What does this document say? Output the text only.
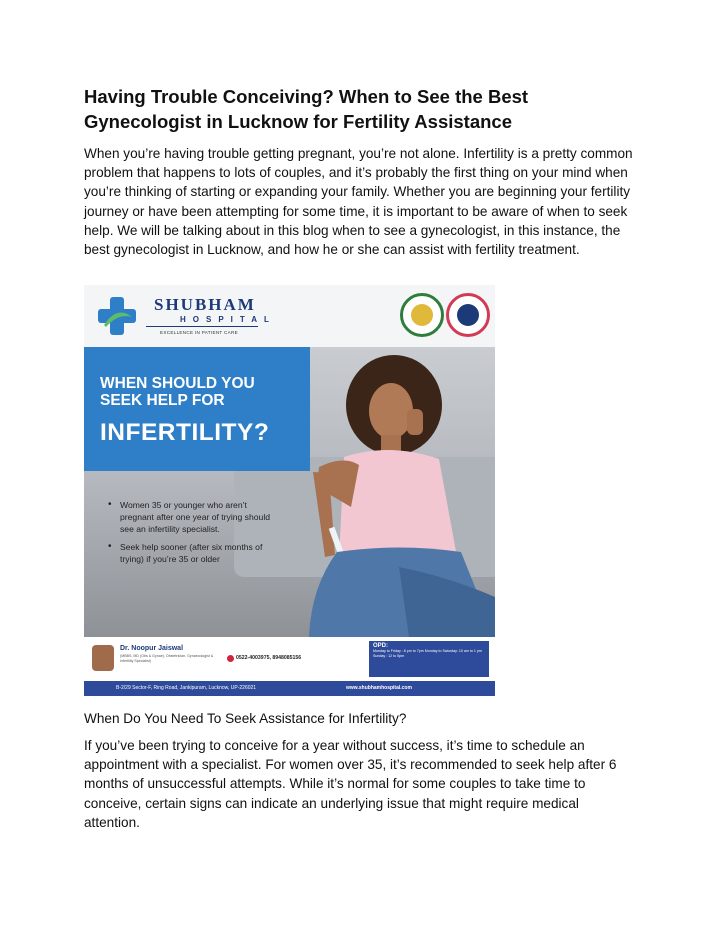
Having Trouble Conceiving? When to See the Best Gynecologist in Lucknow for Fertility Assistance

When you’re having trouble getting pregnant, you’re not alone. Infertility is a pretty common problem that happens to lots of couples, and it’s probably the first thing on your mind when you’re thinking of starting or expanding your family. Whether you are beginning your fertility journey or have been attempting for some time, it is important to be aware of when to seek help. We will be talking about in this blog when to see a gynecologist, in this instance, the best gynecologist in Lucknow, and how he or she can assist with fertility treatment.

SHUBHAM
HOSPITAL
EXCELLENCE IN PATIENT CARE
WHEN SHOULD YOU SEEK HELP FOR
INFERTILITY?
• Women 35 or younger who aren’t pregnant after one year of trying should see an infertility specialist.
• Seek help sooner (after six months of trying) if you’re 35 or older
Dr. Noopur Jaiswal
(MBBS, MD (Obs & Gynae), Obstetrician, Gynaecologist & Infertility Specialist)	0522-4003975, 8948085156
OPD:
Monday to Friday : 8 pm to 7pm Monday to Saturday: 10 am to 1 pm Sunday : 12 to 5pm
B-2/29 Sector-F, Ring Road, Jankipuram, Lucknow, UP-226021	www.shubhamhospital.com
When Do You Need To Seek Assistance for Infertility?

If you’ve been trying to conceive for a year without success, it’s time to schedule an appointment with a specialist. For women over 35, it’s recommended to seek help after 6 months of unsuccessful attempts. While it’s normal for some couples to take time to conceive, certain signs can indicate an underlying issue that might require medical attention.
